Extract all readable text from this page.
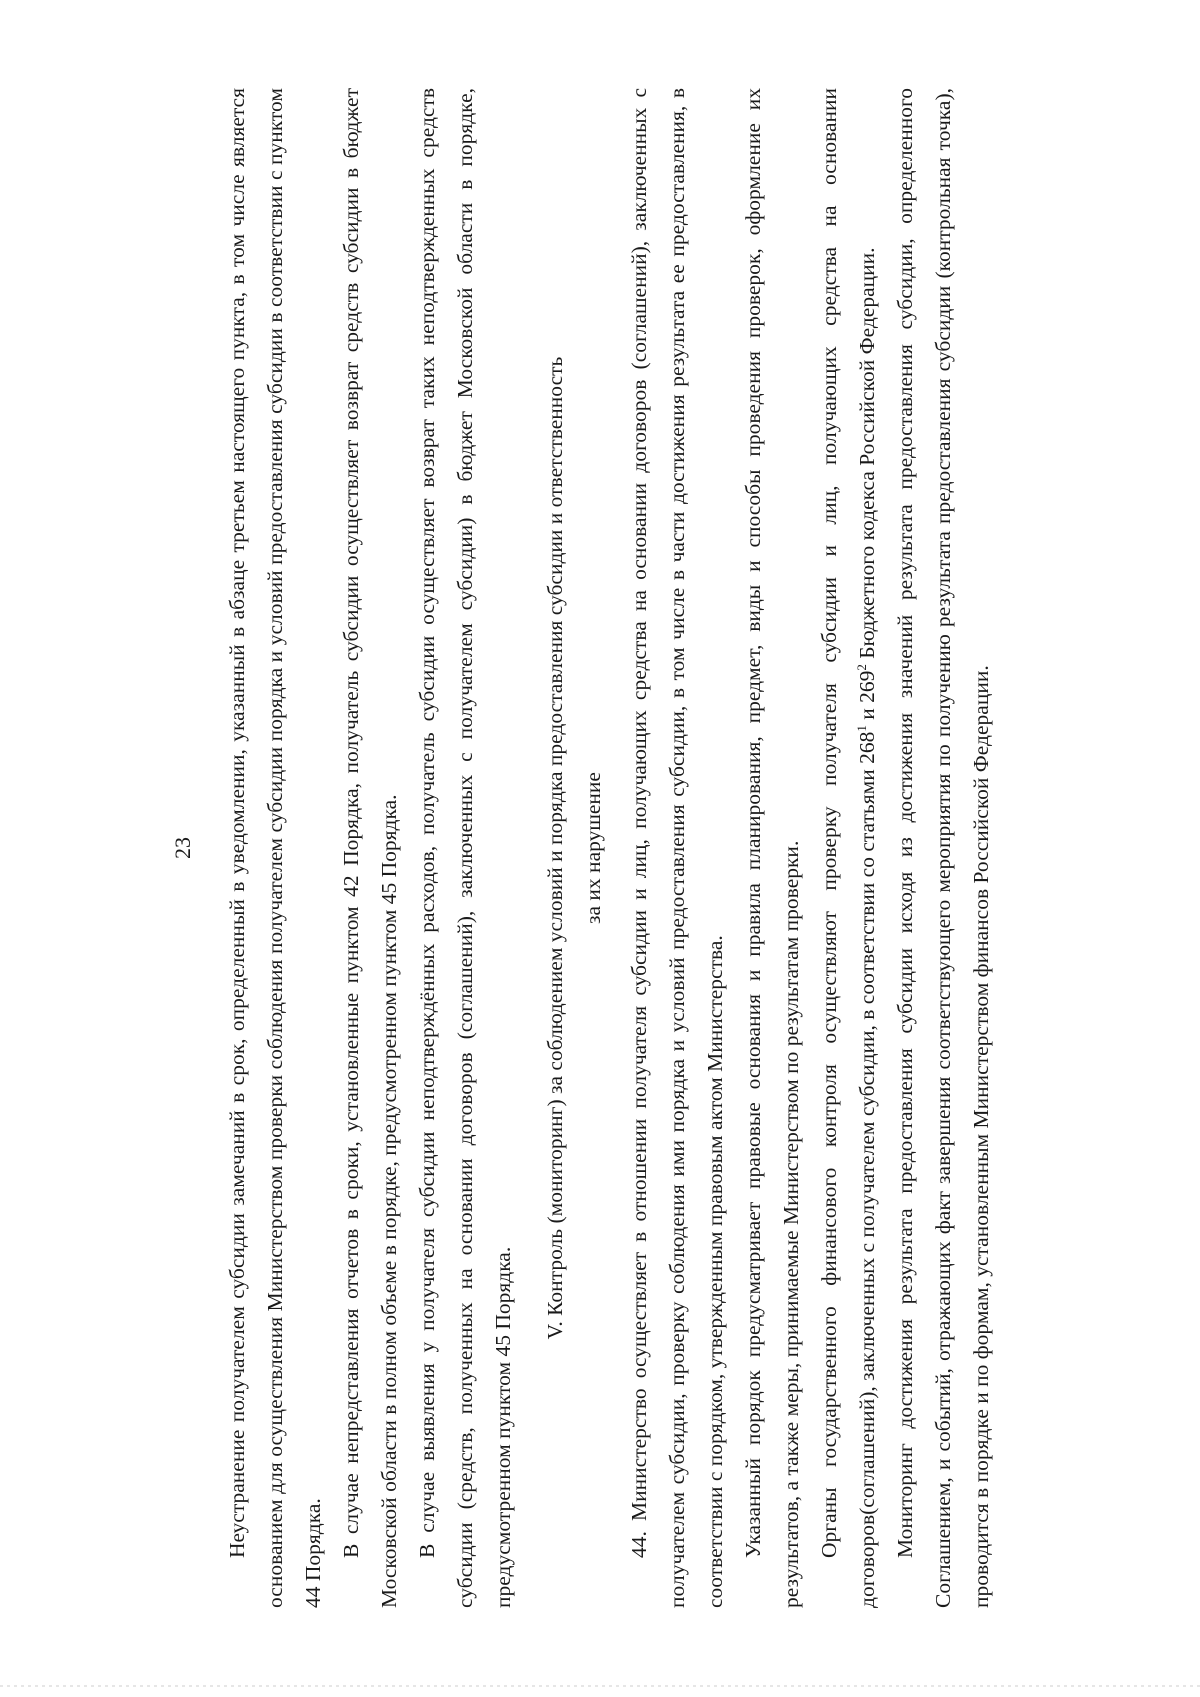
23	Неустранение получателем субсидии замечаний в срок, определенный в уведомлении, указанный в абзаце третьем настоящего пункта, в том числе является основанием для осуществления Министерством проверки соблюдения получателем субсидии порядка и условий предоставления субсидии в соответствии с пунктом 44 Порядка. В случае непредставления отчетов в сроки, установленные пунктом 42 Порядка, получатель субсидии осуществляет возврат средств субсидии в бюджет Московской области в полном объеме в порядке, предусмотренном пунктом 45 Порядка. В случае выявления у получателя субсидии неподтверждённых расходов, получатель субсидии осуществляет возврат таких неподтвержденных средств субсидии (средств, полученных на основании договоров (соглашений), заключенных с получателем субсидии) в бюджет Московской области в порядке, предусмотренном пунктом 45 Порядка.

V. Контроль (мониторинг) за соблюдением условий и порядка предоставления субсидии и ответственность за их нарушение	44. Министерство осуществляет в отношении получателя субсидии и лиц, получающих средства на основании договоров (соглашений), заключенных с получателем субсидии, проверку соблюдения ими порядка и условий предоставления субсидии, в том числе в части достижения результата ее предоставления, в соответствии с порядком, утвержденным правовым актом Министерства. Указанный порядок предусматривает правовые основания и правила планирования, предмет, виды и способы проведения проверок, оформление их результатов, а также меры, принимаемые Министерством по результатам проверки. Органы государственного финансового контроля осуществляют проверку получателя субсидии и лиц, получающих средства на основании договоров(соглашений), заключенных с получателем субсидии, в соответствии со статьями $268^1$ и $269^2$ Бюджетного кодекса Российской Федерации. Мониторинг достижения результата предоставления субсидии исходя из достижения значений результата предоставления субсидии, определенного Соглашением, и событий, отражающих факт завершения соответствующего мероприятия по получению результата предоставления субсидии (контрольная точка), проводится в порядке и по формам, установленным Министерством финансов Российской Федерации.
